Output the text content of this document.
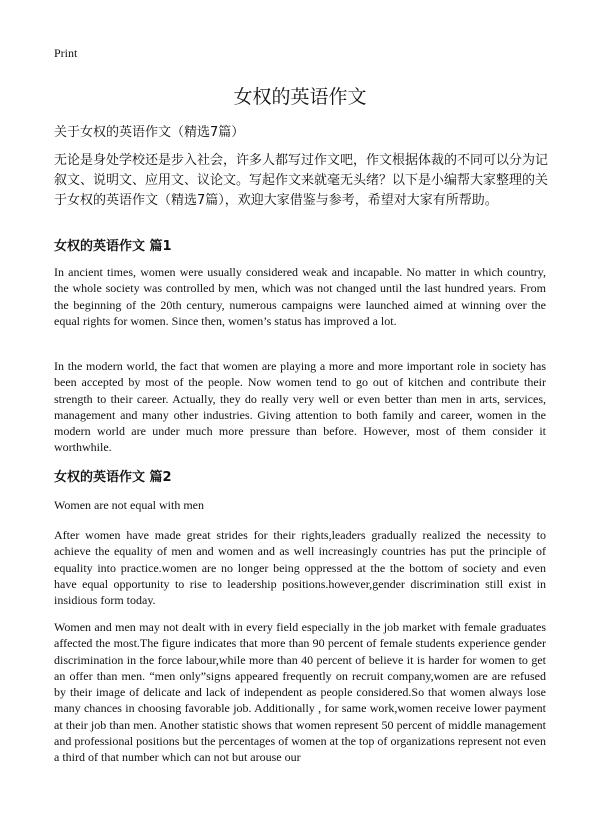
Print
女权的英语作文
关于女权的英语作文（精选7篇）

无论是身处学校还是步入社会，许多人都写过作文吧，作文根据体裁的不同可以分为记叙文、说明文、应用文、议论文。写起作文来就毫无头绪？以下是小编帮大家整理的关于女权的英语作文（精选7篇），欢迎大家借鉴与参考，希望对大家有所帮助。

女权的英语作文 篇1

In ancient times, women were usually considered weak and incapable. No matter in which country, the whole society was controlled by men, which was not changed until the last hundred years. From the beginning of the 20th century, numerous campaigns were launched aimed at winning over the equal rights for women. Since then, women’s status has improved a lot.

In the modern world, the fact that women are playing a more and more important role in society has been accepted by most of the people. Now women tend to go out of kitchen and contribute their strength to their career. Actually, they do really very well or even better than men in arts, services, management and many other industries. Giving attention to both family and career, women in the modern world are under much more pressure than before. However, most of them consider it worthwhile.

女权的英语作文 篇2

Women are not equal with men

After women have made great strides for their rights,leaders gradually realized the necessity to achieve the equality of men and women and as well increasingly countries has put the principle of equality into practice.women are no longer being oppressed at the the bottom of society and even have equal opportunity to rise to leadership positions.however,gender discrimination still exist in insidious form today.

Women and men may not dealt with in every field especially in the job market with female graduates affected the most.The figure indicates that more than 90 percent of female students experience gender discrimination in the force labour,while more than 40 percent of believe it is harder for women to get an offer than men. “men only”signs appeared frequently on recruit company,women are are refused by their image of delicate and lack of independent as people considered.So that women always lose many chances in choosing favorable job. Additionally , for same work,women receive lower payment at their job than men. Another statistic shows that women represent 50 percent of middle management and professional positions but the percentages of women at the top of organizations represent not even a third of that number which can not but arouse our
